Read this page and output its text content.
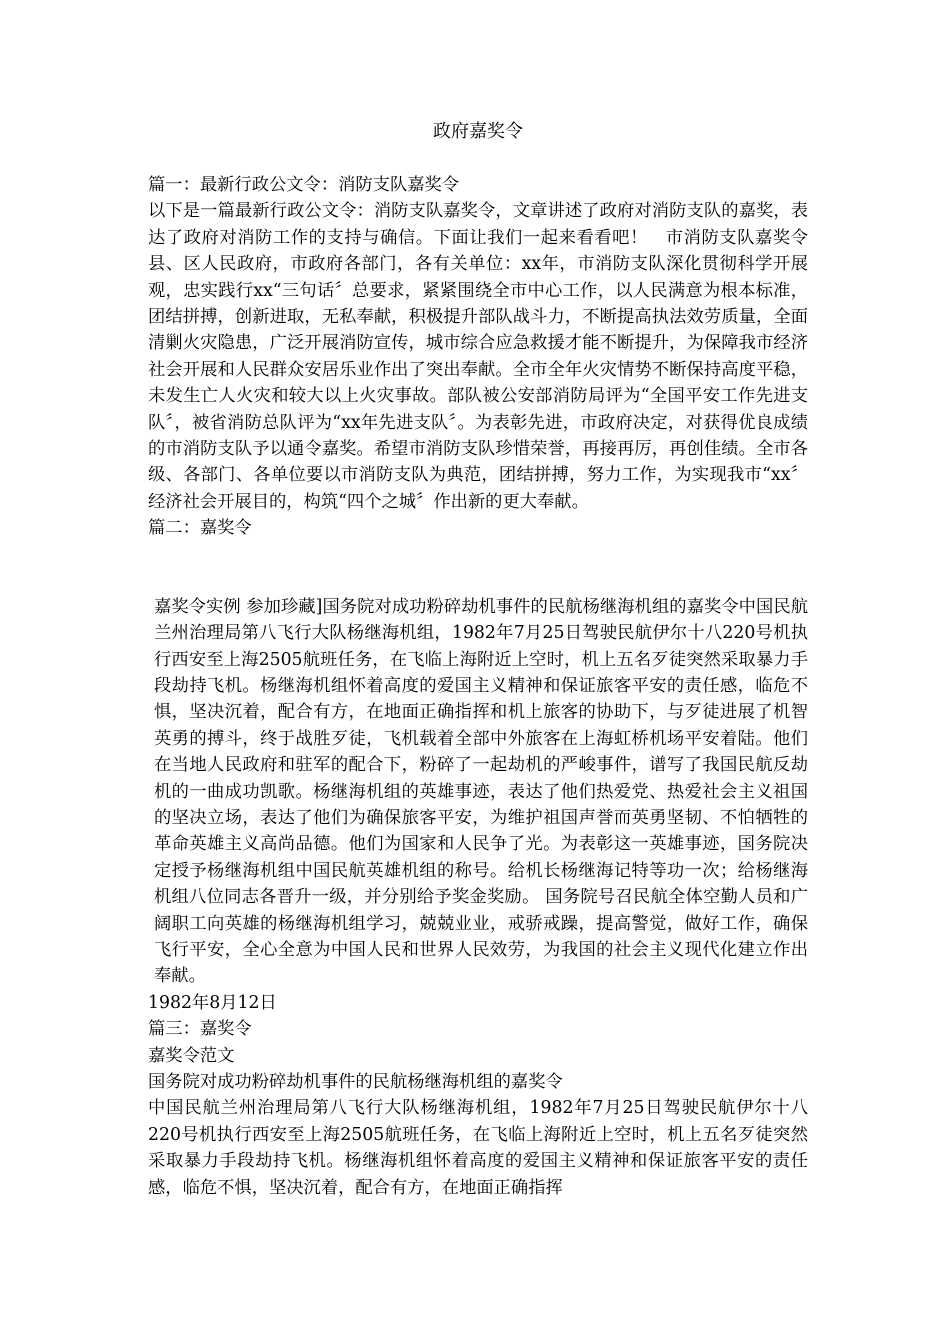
政府嘉奖令

篇一：最新行政公文令：消防支队嘉奖令

以下是一篇最新行政公文令：消防支队嘉奖令，文章讲述了政府对消防支队的嘉奖，表达了政府对消防工作的支持与确信。下面让我们一起来看看吧！　市消防支队嘉奖令县、区人民政府，市政府各部门，各有关单位：xx年，市消防支队深化贯彻科学开展观，忠实践行xx“三句话〞总要求，紧紧围绕全市中心工作，以人民满意为根本标准，团结拼搏，创新进取，无私奉献，积极提升部队战斗力，不断提高执法效劳质量，全面清剿火灾隐患，广泛开展消防宣传，城市综合应急救援才能不断提升，为保障我市经济社会开展和人民群众安居乐业作出了突出奉献。全市全年火灾情势不断保持高度平稳，未发生亡人火灾和较大以上火灾事故。部队被公安部消防局评为“全国平安工作先进支队〞，被省消防总队评为“xx年先进支队〞。为表彰先进，市政府决定，对获得优良成绩的市消防支队予以通令嘉奖。希望市消防支队珍惜荣誉，再接再厉，再创佳绩。全市各级、各部门、各单位要以市消防支队为典范，团结拼搏，努力工作，为实现我市“xx〞经济社会开展目的，构筑“四个之城〞作出新的更大奉献。

篇二：嘉奖令

嘉奖令实例 参加珍藏]国务院对成功粉碎劫机事件的民航杨继海机组的嘉奖令中国民航兰州治理局第八飞行大队杨继海机组，1982年7月25日驾驶民航伊尔十八220号机执行西安至上海2505航班任务，在飞临上海附近上空时，机上五名歹徒突然采取暴力手段劫持飞机。杨继海机组怀着高度的爱国主义精神和保证旅客平安的责任感，临危不惧，坚决沉着，配合有方，在地面正确指挥和机上旅客的协助下，与歹徒进展了机智英勇的搏斗，终于战胜歹徒，飞机载着全部中外旅客在上海虹桥机场平安着陆。他们在当地人民政府和驻军的配合下，粉碎了一起劫机的严峻事件，谱写了我国民航反劫机的一曲成功凯歌。杨继海机组的英雄事迹，表达了他们热爱党、热爱社会主义祖国的坚决立场，表达了他们为确保旅客平安，为维护祖国声誉而英勇坚韧、不怕牺牲的革命英雄主义高尚品德。他们为国家和人民争了光。为表彰这一英雄事迹，国务院决定授予杨继海机组中国民航英雄机组的称号。给机长杨继海记特等功一次；给杨继海机组八位同志各晋升一级，并分别给予奖金奖励。 国务院号召民航全体空勤人员和广阔职工向英雄的杨继海机组学习，兢兢业业，戒骄戒躁，提高警觉，做好工作，确保飞行平安，全心全意为中国人民和世界人民效劳，为我国的社会主义现代化建立作出奉献。

1982年8月12日

篇三：嘉奖令

嘉奖令范文

国务院对成功粉碎劫机事件的民航杨继海机组的嘉奖令

中国民航兰州治理局第八飞行大队杨继海机组，1982年7月25日驾驶民航伊尔十八220号机执行西安至上海2505航班任务，在飞临上海附近上空时，机上五名歹徒突然采取暴力手段劫持飞机。杨继海机组怀着高度的爱国主义精神和保证旅客平安的责任感，临危不惧，坚决沉着，配合有方，在地面正确指挥
